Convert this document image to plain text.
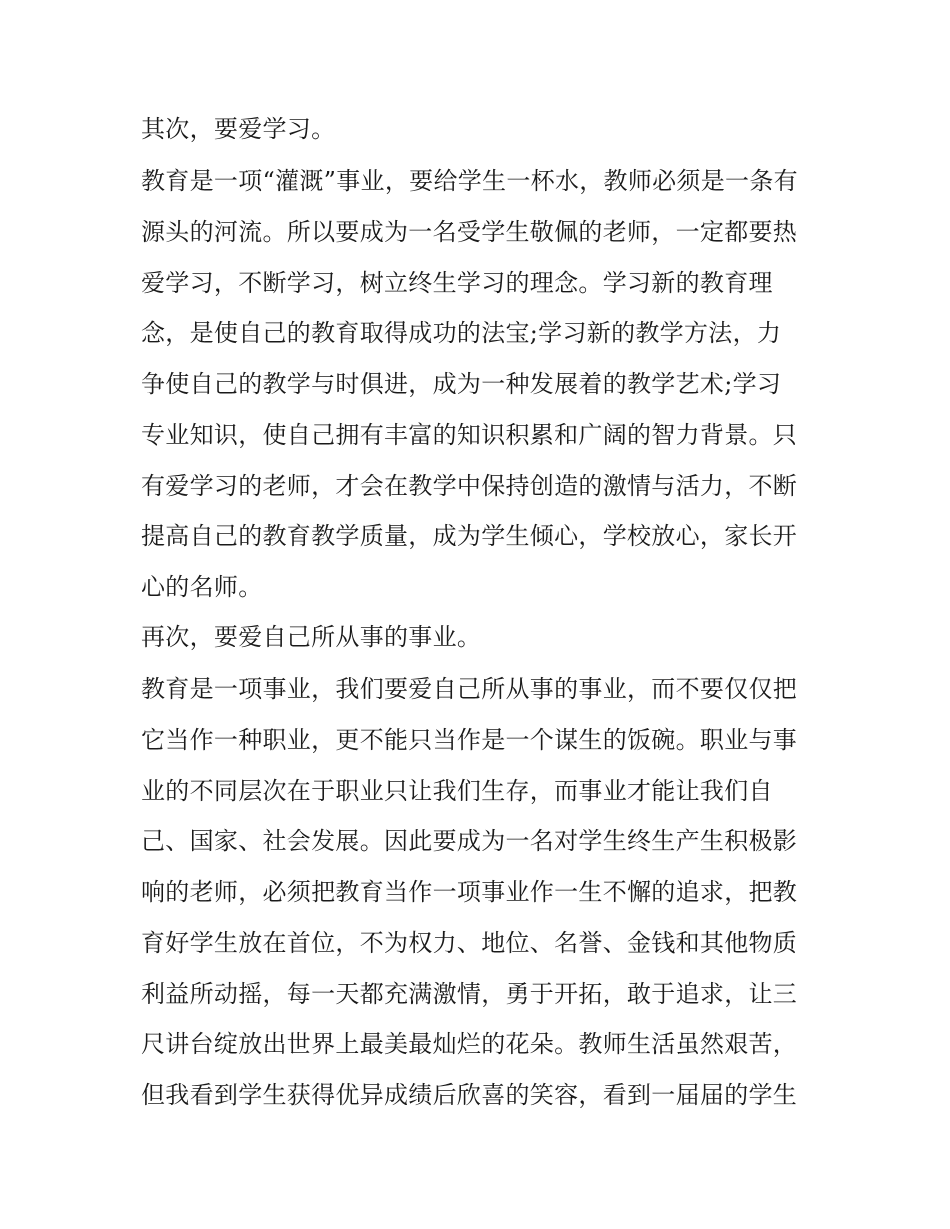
其次，要爱学习。
教育是一项“灌溉”事业，要给学生一杯水，教师必须是一条有
源头的河流。所以要成为一名受学生敬佩的老师，一定都要热
爱学习，不断学习，树立终生学习的理念。学习新的教育理
念，是使自己的教育取得成功的法宝;学习新的教学方法，力
争使自己的教学与时俱进，成为一种发展着的教学艺术;学习
专业知识，使自己拥有丰富的知识积累和广阔的智力背景。只
有爱学习的老师，才会在教学中保持创造的激情与活力，不断
提高自己的教育教学质量，成为学生倾心，学校放心，家长开
心的名师。
再次，要爱自己所从事的事业。
教育是一项事业，我们要爱自己所从事的事业，而不要仅仅把
它当作一种职业，更不能只当作是一个谋生的饭碗。职业与事
业的不同层次在于职业只让我们生存，而事业才能让我们自
己、国家、社会发展。因此要成为一名对学生终生产生积极影
响的老师，必须把教育当作一项事业作一生不懈的追求，把教
育好学生放在首位，不为权力、地位、名誉、金钱和其他物质
利益所动摇，每一天都充满激情，勇于开拓，敢于追求，让三
尺讲台绽放出世界上最美最灿烂的花朵。教师生活虽然艰苦，
但我看到学生获得优异成绩后欣喜的笑容，看到一届届的学生
